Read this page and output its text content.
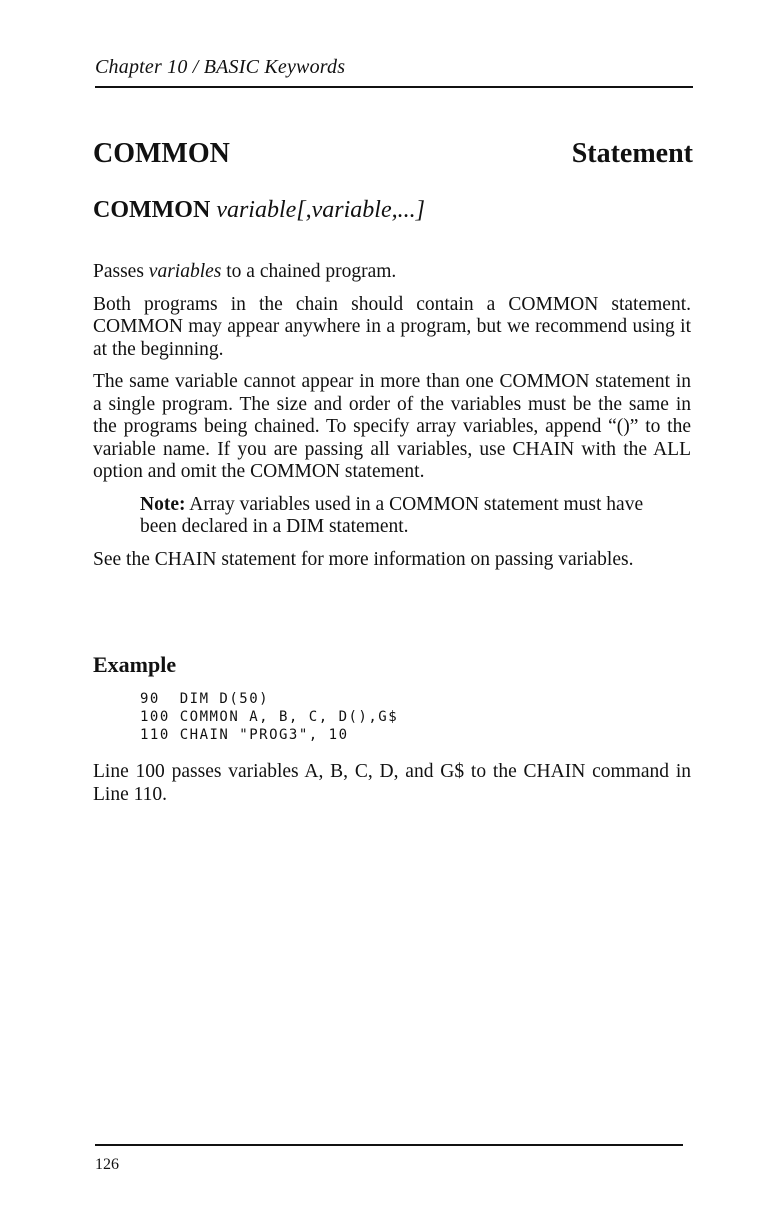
Chapter 10 / BASIC Keywords
COMMON	Statement
COMMON variable[,variable,...]

Passes variables to a chained program.

Both programs in the chain should contain a COMMON statement. COMMON may appear anywhere in a program, but we recommend using it at the beginning.

The same variable cannot appear in more than one COMMON statement in a single program. The size and order of the variables must be the same in the programs being chained. To specify array variables, append “()” to the variable name. If you are passing all variables, use CHAIN with the ALL option and omit the COMMON statement.

Note: Array variables used in a COMMON statement must have been declared in a DIM statement.

See the CHAIN statement for more information on passing variables.

Example
90  DIM D(50)
100 COMMON A, B, C, D(),G$
110 CHAIN "PROG3", 10

Line 100 passes variables A, B, C, D, and G$ to the CHAIN command in Line 110.

126
